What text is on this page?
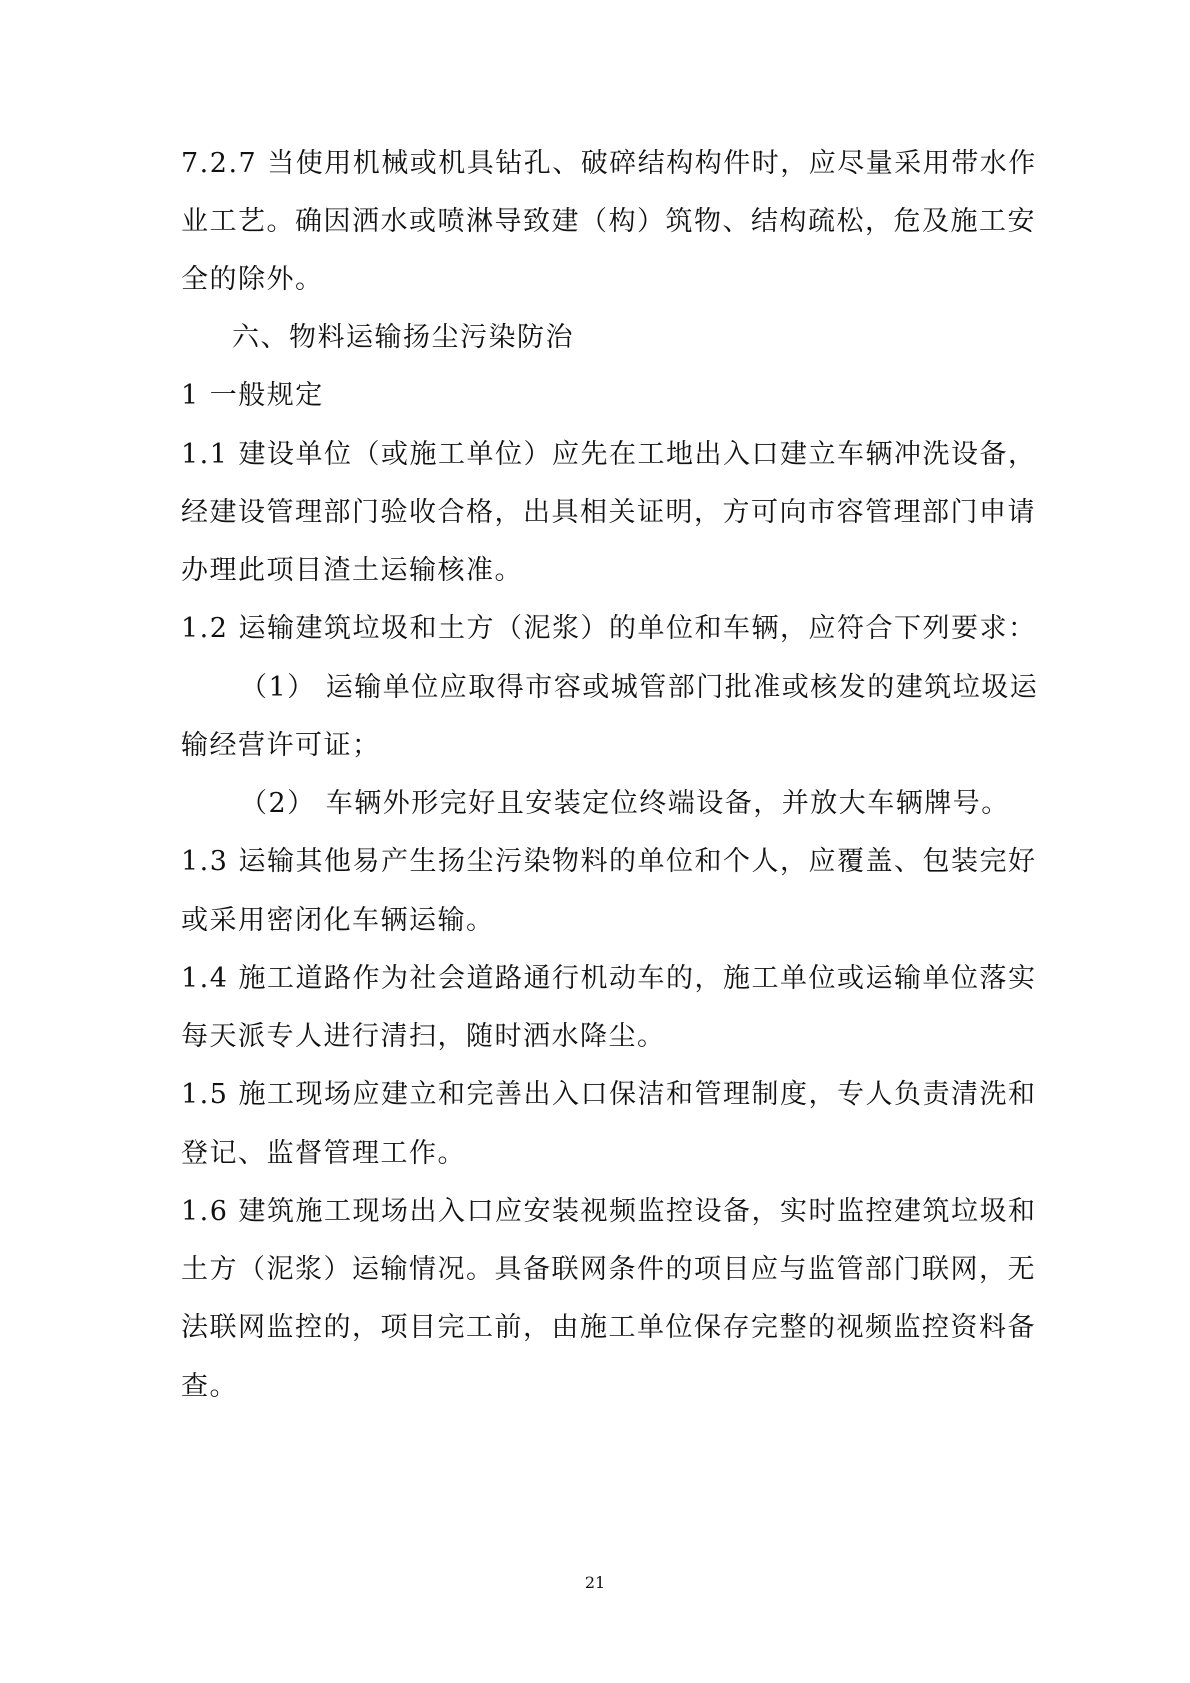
7.2.7 当使用机械或机具钻孔、破碎结构构件时，应尽量采用带水作
业工艺。确因洒水或喷淋导致建（构）筑物、结构疏松，危及施工安
全的除外。
六、物料运输扬尘污染防治
1 一般规定
1.1 建设单位（或施工单位）应先在工地出入口建立车辆冲洗设备，
经建设管理部门验收合格，出具相关证明，方可向市容管理部门申请
办理此项目渣土运输核准。
1.2 运输建筑垃圾和土方（泥浆）的单位和车辆，应符合下列要求：
（1） 运输单位应取得市容或城管部门批准或核发的建筑垃圾运
输经营许可证；
（2） 车辆外形完好且安装定位终端设备，并放大车辆牌号。
1.3 运输其他易产生扬尘污染物料的单位和个人，应覆盖、包装完好
或采用密闭化车辆运输。
1.4 施工道路作为社会道路通行机动车的，施工单位或运输单位落实
每天派专人进行清扫，随时洒水降尘。
1.5 施工现场应建立和完善出入口保洁和管理制度，专人负责清洗和
登记、监督管理工作。
1.6 建筑施工现场出入口应安装视频监控设备，实时监控建筑垃圾和
土方（泥浆）运输情况。具备联网条件的项目应与监管部门联网，无
法联网监控的，项目完工前，由施工单位保存完整的视频监控资料备
查。
21
